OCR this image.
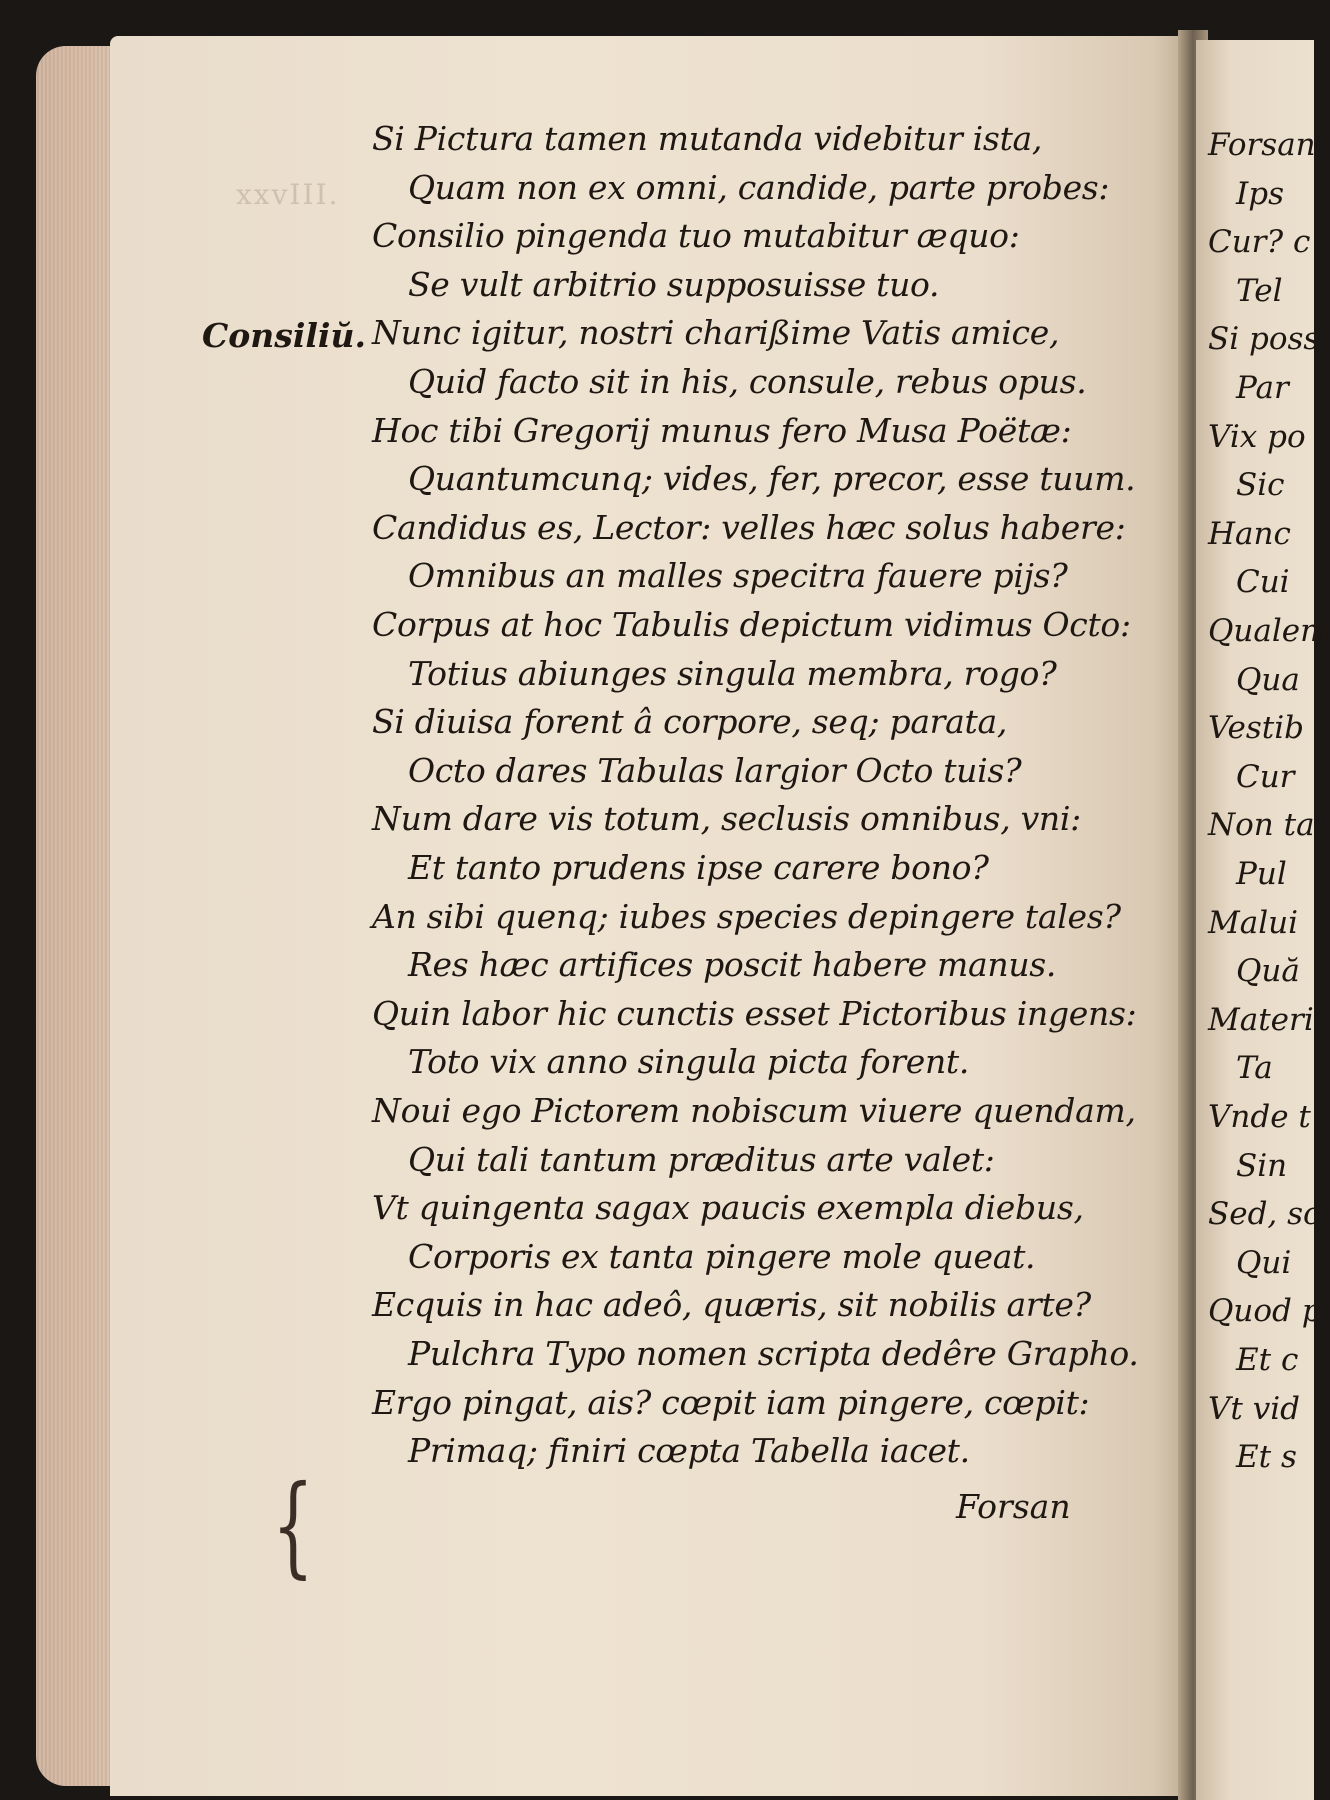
xxvIII.
Consiliŭ.
Si Pictura tamen mutanda videbitur ista,
Quam non ex omni, candide, parte probes:
Consilio pingenda tuo mutabitur æquo:
Se vult arbitrio supposuisse tuo.
Nunc igitur, nostri charißime Vatis amice,
Quid facto sit in his, consule, rebus opus.
Hoc tibi Gregorij munus fero Musa Poëtæ:
Quantumcunq; vides, fer, precor, esse tuum.
Candidus es, Lector: velles hæc solus habere:
Omnibus an malles specitra fauere pijs?
Corpus at hoc Tabulis depictum vidimus Octo:
Totius abiunges singula membra, rogo?
Si diuisa forent â corpore, seq; parata,
Octo dares Tabulas largior Octo tuis?
Num dare vis totum, seclusis omnibus, vni:
Et tanto prudens ipse carere bono?
An sibi quenq; iubes species depingere tales?
Res hæc artifices poscit habere manus.
Quin labor hic cunctis esset Pictoribus ingens:
Toto vix anno singula picta forent.
Noui ego Pictorem nobiscum viuere quendam,
Qui tali tantum præditus arte valet:
Vt quingenta sagax paucis exempla diebus,
Corporis ex tanta pingere mole queat.
Ecquis in hac adeô, quæris, sit nobilis arte?
Pulchra Typo nomen scripta dedêre Grapho.
Ergo pingat, ais? cœpit iam pingere, cœpit:
Primaq; finiri cœpta Tabella iacet.
{	Forsan
Forsan
Ips
Cur? c
Tel
Si poss
Par
Vix po
Sic
Hanc
Cui
Qualem
Qua
Vestib
Cur
Non ta
Pul
Malui
Quă
Materi
Ta
Vnde t
Sin
Sed, sc
Qui
Quod p
Et c
Vt vid
Et s
